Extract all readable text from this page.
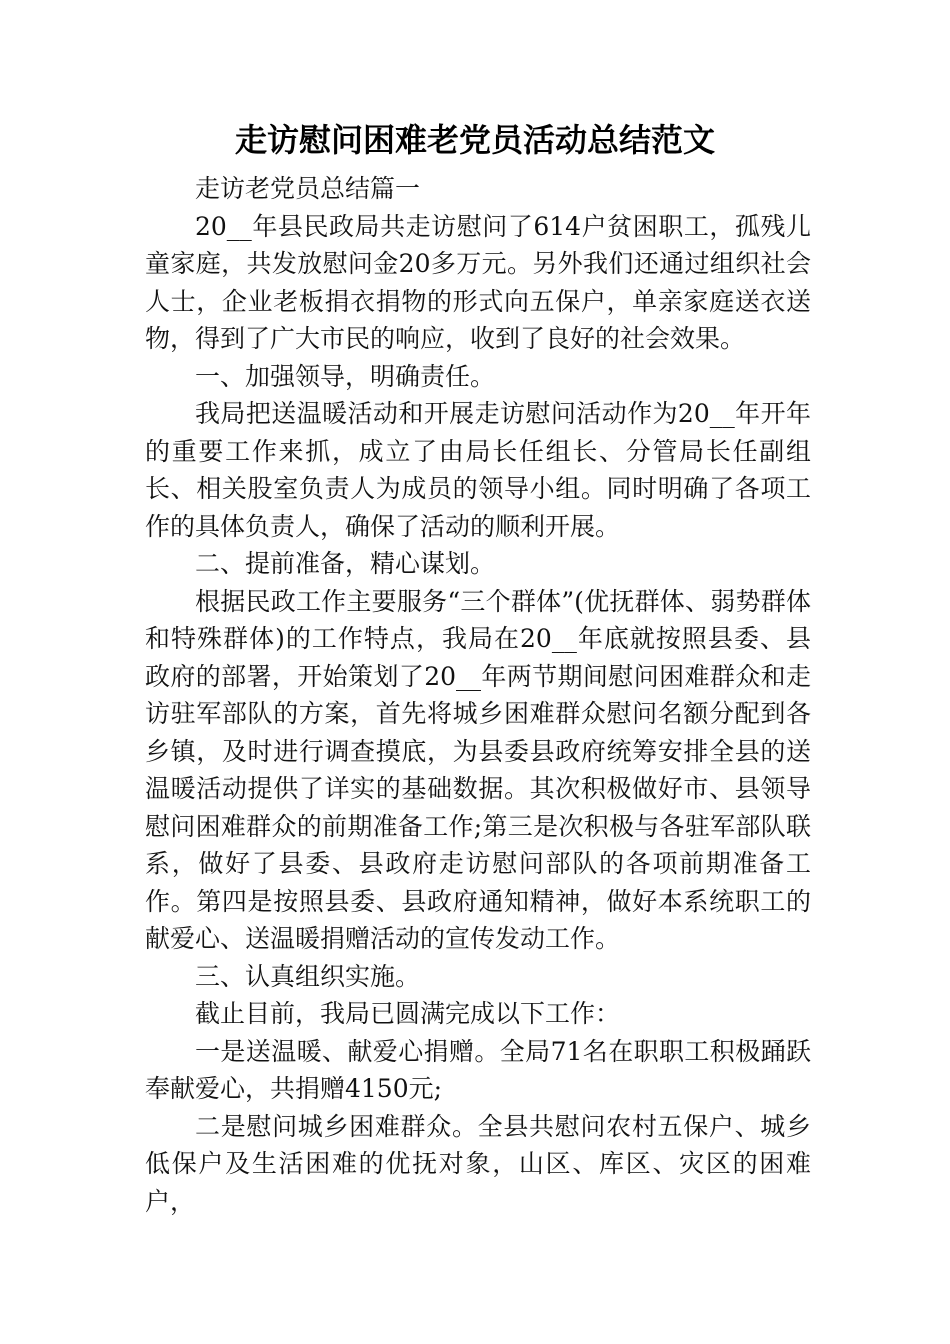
走访慰问困难老党员活动总结范文

走访老党员总结篇一

20__年县民政局共走访慰问了614户贫困职工，孤残儿童家庭，共发放慰问金20多万元。另外我们还通过组织社会人士，企业老板捐衣捐物的形式向五保户，单亲家庭送衣送物，得到了广大市民的响应，收到了良好的社会效果。

一、加强领导，明确责任。

我局把送温暖活动和开展走访慰问活动作为20__年开年的重要工作来抓，成立了由局长任组长、分管局长任副组长、相关股室负责人为成员的领导小组。同时明确了各项工作的具体负责人，确保了活动的顺利开展。

二、提前准备，精心谋划。

根据民政工作主要服务“三个群体”(优抚群体、弱势群体和特殊群体)的工作特点，我局在20__年底就按照县委、县政府的部署，开始策划了20__年两节期间慰问困难群众和走访驻军部队的方案，首先将城乡困难群众慰问名额分配到各乡镇，及时进行调查摸底，为县委县政府统筹安排全县的送温暖活动提供了详实的基础数据。其次积极做好市、县领导慰问困难群众的前期准备工作;第三是次积极与各驻军部队联系，做好了县委、县政府走访慰问部队的各项前期准备工作。第四是按照县委、县政府通知精神，做好本系统职工的献爱心、送温暖捐赠活动的宣传发动工作。

三、认真组织实施。

截止目前，我局已圆满完成以下工作：

一是送温暖、献爱心捐赠。全局71名在职职工积极踊跃奉献爱心，共捐赠4150元;

二是慰问城乡困难群众。全县共慰问农村五保户、城乡低保户及生活困难的优抚对象，山区、库区、灾区的困难户，
